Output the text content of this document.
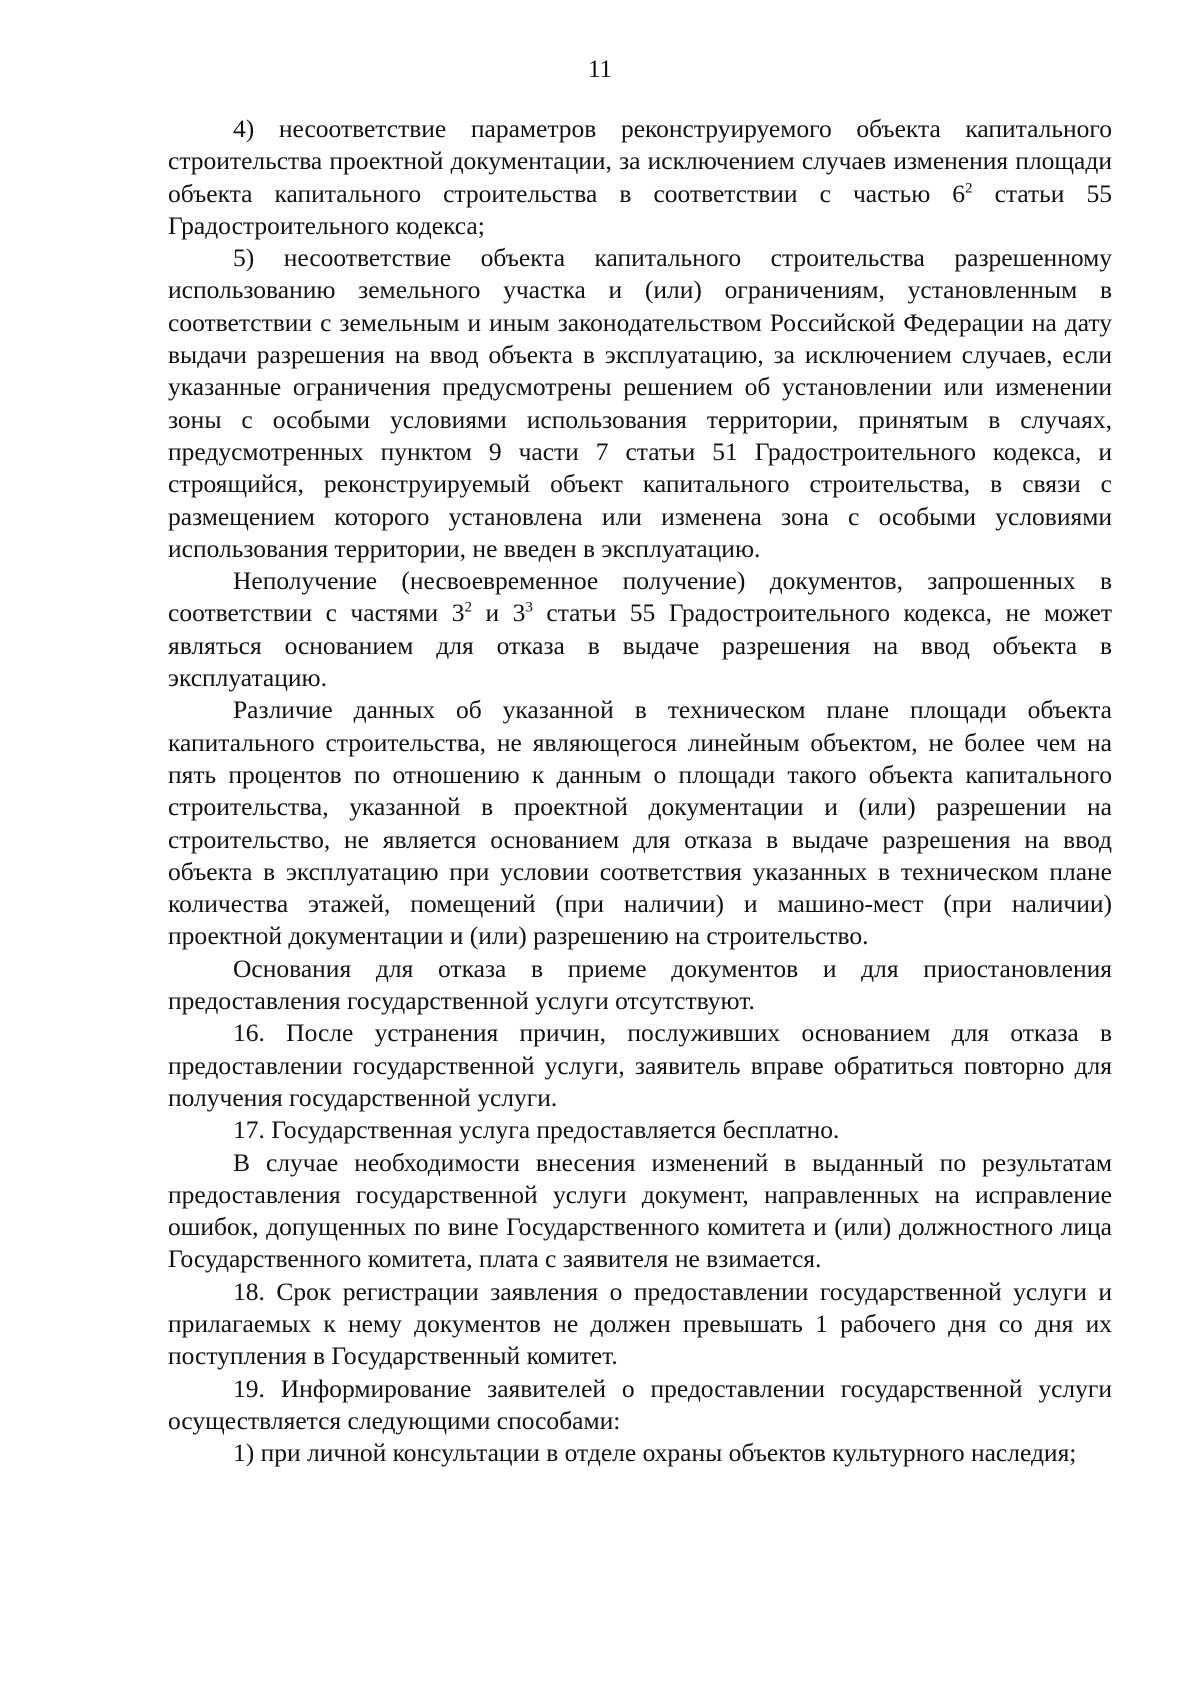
11

4) несоответствие параметров реконструируемого объекта капитального строительства проектной документации, за исключением случаев изменения площади объекта капитального строительства в соответствии с частью $6^2$ статьи 55 Градостроительного кодекса;

5) несоответствие объекта капитального строительства разрешенному использованию земельного участка и (или) ограничениям, установленным в соответствии с земельным и иным законодательством Российской Федерации на дату выдачи разрешения на ввод объекта в эксплуатацию, за исключением случаев, если указанные ограничения предусмотрены решением об установлении или изменении зоны с особыми условиями использования территории, принятым в случаях, предусмотренных пунктом 9 части 7 статьи 51 Градостроительного кодекса, и строящийся, реконструируемый объект капитального строительства, в связи с размещением которого установлена или изменена зона с особыми условиями использования территории, не введен в эксплуатацию.

Неполучение (несвоевременное получение) документов, запрошенных в соответствии с частями $3^2$ и $3^3$ статьи 55 Градостроительного кодекса, не может являться основанием для отказа в выдаче разрешения на ввод объекта в эксплуатацию.

Различие данных об указанной в техническом плане площади объекта капитального строительства, не являющегося линейным объектом, не более чем на пять процентов по отношению к данным о площади такого объекта капитального строительства, указанной в проектной документации и (или) разрешении на строительство, не является основанием для отказа в выдаче разрешения на ввод объекта в эксплуатацию при условии соответствия указанных в техническом плане количества этажей, помещений (при наличии) и машино-мест (при наличии) проектной документации и (или) разрешению на строительство.

Основания для отказа в приеме документов и для приостановления предоставления государственной услуги отсутствуют.

16. После устранения причин, послуживших основанием для отказа в предоставлении государственной услуги, заявитель вправе обратиться повторно для получения государственной услуги.

17. Государственная услуга предоставляется бесплатно.

В случае необходимости внесения изменений в выданный по результатам предоставления государственной услуги документ, направленных на исправление ошибок, допущенных по вине Государственного комитета и (или) должностного лица Государственного комитета, плата с заявителя не взимается.

18. Срок регистрации заявления о предоставлении государственной услуги и прилагаемых к нему документов не должен превышать 1 рабочего дня со дня их поступления в Государственный комитет.

19. Информирование заявителей о предоставлении государственной услуги осуществляется следующими способами:

1) при личной консультации в отделе охраны объектов культурного наследия;
